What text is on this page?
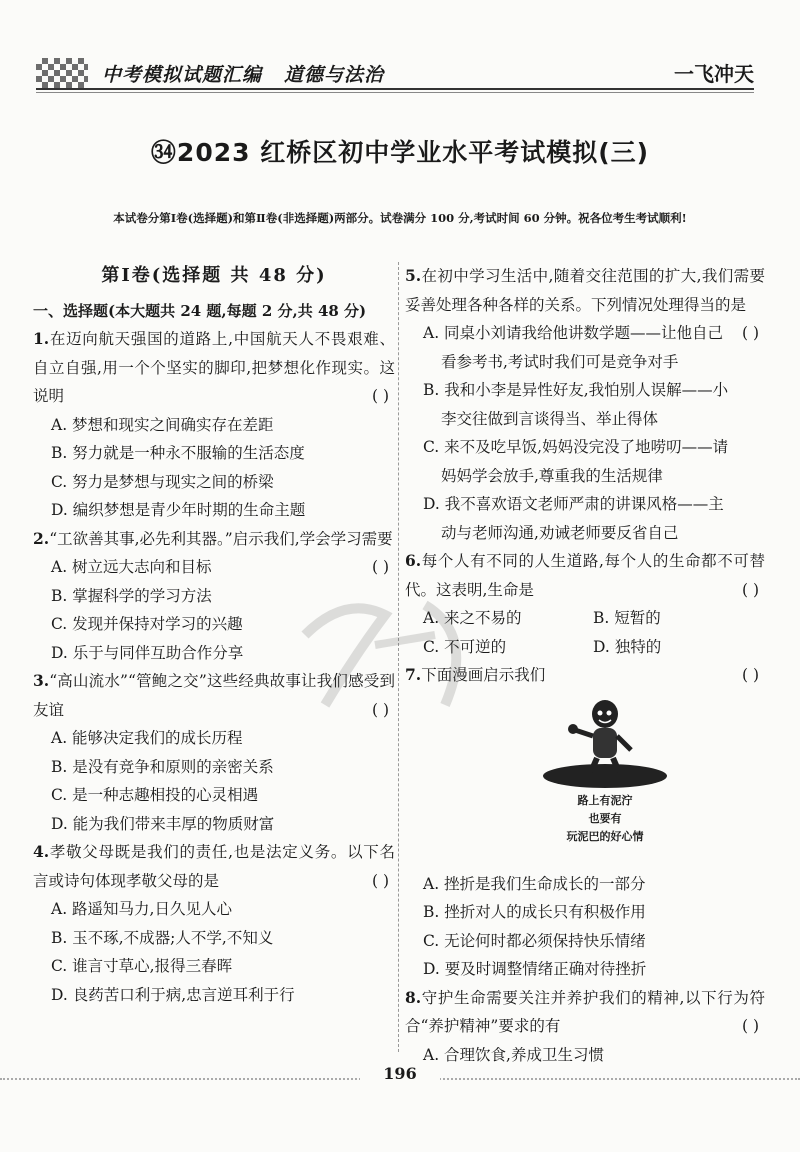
中考模拟试题汇编 道德与法治	一飞冲天
㉞2023 红桥区初中学业水平考试模拟(三)
本试卷分第Ⅰ卷(选择题)和第Ⅱ卷(非选择题)两部分。试卷满分 100 分,考试时间 60 分钟。祝各位考生考试顺利!
第Ⅰ卷(选择题 共 48 分)
一、选择题(本大题共 24 题,每题 2 分,共 48 分)
1.在迈向航天强国的道路上,中国航天人不畏艰难、自立自强,用一个个坚实的脚印,把梦想化作现实。这说明	( )
A. 梦想和现实之间确实存在差距
B. 努力就是一种永不服输的生活态度
C. 努力是梦想与现实之间的桥梁
D. 编织梦想是青少年时期的生命主题
2.“工欲善其事,必先利其器。”启示我们,学会学习需要
( )
A. 树立远大志向和目标
B. 掌握科学的学习方法
C. 发现并保持对学习的兴趣
D. 乐于与同伴互助合作分享
3.“高山流水”“管鲍之交”这些经典故事让我们感受到友谊	( )
A. 能够决定我们的成长历程
B. 是没有竞争和原则的亲密关系
C. 是一种志趣相投的心灵相遇
D. 能为我们带来丰厚的物质财富
4.孝敬父母既是我们的责任,也是法定义务。以下名言或诗句体现孝敬父母的是	( )
A. 路遥知马力,日久见人心
B. 玉不琢,不成器;人不学,不知义
C. 谁言寸草心,报得三春晖
D. 良药苦口利于病,忠言逆耳利于行
5.在初中学习生活中,随着交往范围的扩大,我们需要妥善处理各种各样的关系。下列情况处理得当的是
( )
A. 同桌小刘请我给他讲数学题——让他自己
看参考书,考试时我们可是竞争对手
B. 我和小李是异性好友,我怕别人误解——小
李交往做到言谈得当、举止得体
C. 来不及吃早饭,妈妈没完没了地唠叨——请
妈妈学会放手,尊重我的生活规律
D. 我不喜欢语文老师严肃的讲课风格——主
动与老师沟通,劝诫老师要反省自己
6.每个人有不同的人生道路,每个人的生命都不可替代。这表明,生命是	( )
A. 来之不易的	B. 短暂的
C. 不可逆的	D. 独特的
7.下面漫画启示我们	( )
路上有泥泞
也要有
玩泥巴的好心情
A. 挫折是我们生命成长的一部分
B. 挫折对人的成长只有积极作用
C. 无论何时都必须保持快乐情绪
D. 要及时调整情绪正确对待挫折
8.守护生命需要关注并养护我们的精神,以下行为符合“养护精神”要求的有	( )
A. 合理饮食,养成卫生习惯
196
